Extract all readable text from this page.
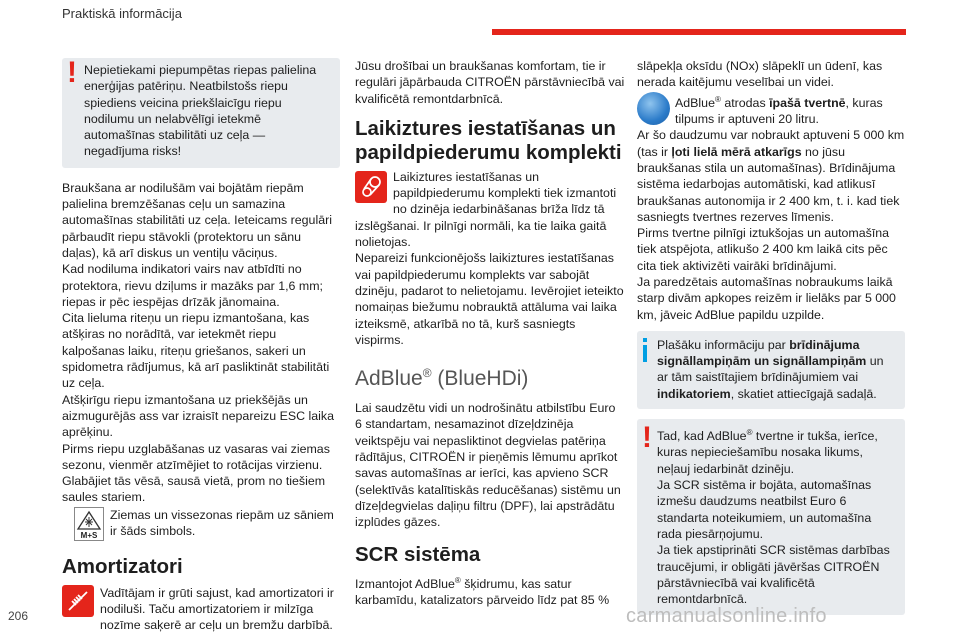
Praktiskā informācija
! Nepietiekami piepumpētas riepas palielina enerģijas patēriņu. Neatbilstošs riepu spiediens veicina priekšlaicīgu riepu nodilumu un nelabvēlīgi ietekmē automašīnas stabilitāti uz ceļa — negadījuma risks!

Braukšana ar nodilušām vai bojātām riepām palielina bremzēšanas ceļu un samazina automašīnas stabilitāti uz ceļa. Ieteicams regulāri pārbaudīt riepu stāvokli (protektoru un sānu daļas), kā arī diskus un ventiļu vāciņus.

Kad nodiluma indikatori vairs nav atbīdīti no protektora, rievu dziļums ir mazāks par 1,6 mm; riepas ir pēc iespējas drīzāk jānomaina.

Cita lieluma riteņu un riepu izmantošana, kas atšķiras no norādītā, var ietekmēt riepu kalpošanas laiku, riteņu griešanos, sakeri un spidometra rādījumus, kā arī pasliktināt stabilitāti uz ceļa.

Atšķirīgu riepu izmantošana uz priekšējās un aizmugurējās ass var izraisīt nepareizu ESC laika aprēķinu.

Pirms riepu uzglabāšanas uz vasaras vai ziemas sezonu, vienmēr atzīmējiet to rotācijas virzienu. Glabājiet tās vēsā, sausā vietā, prom no tiešiem saules stariem.

M+S

Ziemas un vissezonas riepām uz sāniem ir šāds simbols.

Amortizatori

Vadītājam ir grūti sajust, kad amortizatori ir nodiluši. Taču amortizatoriem ir milzīga nozīme saķerē ar ceļu un bremžu darbībā.

Jūsu drošībai un braukšanas komfortam, tie ir regulāri jāpārbauda CITROËN pārstāvniecībā vai kvalificētā remontdarbnīcā.

Laikiztures iestatīšanas un papildpiederumu komplekti

Laikiztures iestatīšanas un papildpiederumu komplekti tiek izmantoti no dzinēja iedarbināšanas brīža līdz tā izslēgšanai. Ir pilnīgi normāli, ka tie laika gaitā nolietojas.

Nepareizi funkcionējošs laikiztures iestatīšanas vai papildpiederumu komplekts var sabojāt dzinēju, padarot to nelietojamu. Ievērojiet ieteikto nomaiņas biežumu nobrauktā attāluma vai laika izteiksmē, atkarībā no tā, kurš sasniegts vispirms.

AdBlue® (BlueHDi)

Lai saudzētu vidi un nodrošinātu atbilstību Euro 6 standartam, nesamazinot dīzeļdzinēja veiktspēju vai nepasliktinot degvielas patēriņa rādītājus, CITROËN ir pieņēmis lēmumu aprīkot savas automašīnas ar ierīci, kas apvieno SCR (selektīvās katalītiskās reducēšanas) sistēmu un dīzeļdegvielas daļiņu filtru (DPF), lai apstrādātu izplūdes gāzes.

SCR sistēma

Izmantojot AdBlue® šķidrumu, kas satur karbamīdu, katalizators pārveido līdz pat 85 %

slāpekļa oksīdu (NOx) slāpeklī un ūdenī, kas nerada kaitējumu veselībai un videi.

AdBlue® atrodas īpašā tvertnē, kuras tilpums ir aptuveni 20 litru.

Ar šo daudzumu var nobraukt aptuveni 5 000 km (tas ir ļoti lielā mērā atkarīgs no jūsu braukšanas stila un automašīnas). Brīdinājuma sistēma iedarbojas automātiski, kad atlikusī braukšanas autonomija ir 2 400 km, t. i. kad tiek sasniegts tvertnes rezerves līmenis.

Pirms tvertne pilnīgi iztukšojas un automašīna tiek atspējota, atlikušo 2 400 km laikā cits pēc cita tiek aktivizēti vairāki brīdinājumi.

Ja paredzētais automašīnas nobraukums laikā starp divām apkopes reizēm ir lielāks par 5 000 km, jāveic AdBlue papildu uzpilde.

Plašāku informāciju par brīdinājuma signāllampiņām un signāllampiņām un ar tām saistītajiem brīdinājumiem vai indikatoriem, skatiet attiecīgajā sadaļā.

! Tad, kad AdBlue® tvertne ir tukša, ierīce, kuras nepieciešamību nosaka likums, neļauj iedarbināt dzinēju.

Ja SCR sistēma ir bojāta, automašīnas izmešu daudzums neatbilst Euro 6 standarta noteikumiem, un automašīna rada piesārņojumu.

Ja tiek apstiprināti SCR sistēmas darbības traucējumi, ir obligāti jāvēršas CITROËN pārstāvniecībā vai kvalificētā remontdarbnīcā.

206	carmanualsonline.info
